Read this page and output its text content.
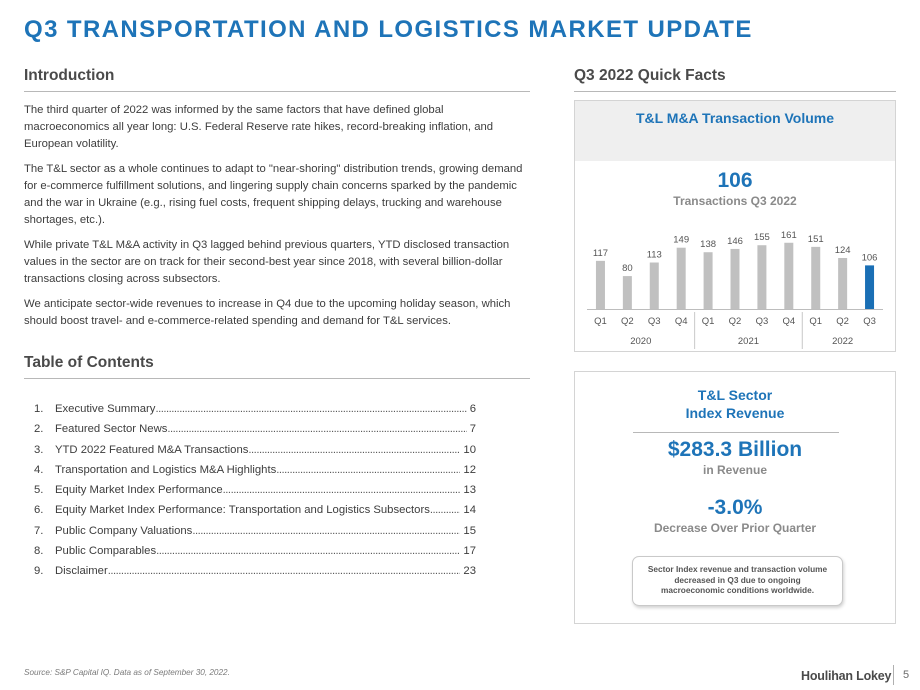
Q3 TRANSPORTATION AND LOGISTICS MARKET UPDATE
Introduction

The third quarter of 2022 was informed by the same factors that have defined global macroeconomics all year long: U.S. Federal Reserve rate hikes, record-breaking inflation, and European volatility.

The T&L sector as a whole continues to adapt to "near-shoring" distribution trends, growing demand for e-commerce fulfillment solutions, and lingering supply chain concerns sparked by the pandemic and the war in Ukraine (e.g., rising fuel costs, frequent shipping delays, trucking and warehouse shortages, etc.).

While private T&L M&A activity in Q3 lagged behind previous quarters, YTD disclosed transaction values in the sector are on track for their second-best year since 2018, with several billion-dollar transactions closing across subsectors.

We anticipate sector-wide revenues to increase in Q4 due to the upcoming holiday season, which should boost travel- and e-commerce-related spending and demand for T&L services.

Table of Contents
1.	Executive Summary .....	6
2.	Featured Sector News .....	7
3.	YTD 2022 Featured M&A Transactions .....	10
4.	Transportation and Logistics M&A Highlights .....	12
5.	Equity Market Index Performance .....	13
6.	Equity Market Index Performance: Transportation and Logistics Subsectors .....	14
7.	Public Company Valuations .....	15
8.	Public Comparables .....	17
9.	Disclaimer .....	23
Q3 2022 Quick Facts
T&L M&A Transaction Volume
106
Transactions Q3 2022
117
Q1
80
Q2
113
Q3
149
Q4
138
Q1
146
Q2
155
Q3
161
Q4
151
Q1
124
Q2
106
Q3
2020	2021	2022
T&L Sector
Index Revenue
$283.3 Billion
in Revenue
-3.0%
Decrease Over Prior Quarter
Sector Index revenue and transaction volume decreased in Q3 due to ongoing macroeconomic conditions worldwide.
Source: S&P Capital IQ. Data as of September 30, 2022.	Houlihan Lokey 5
